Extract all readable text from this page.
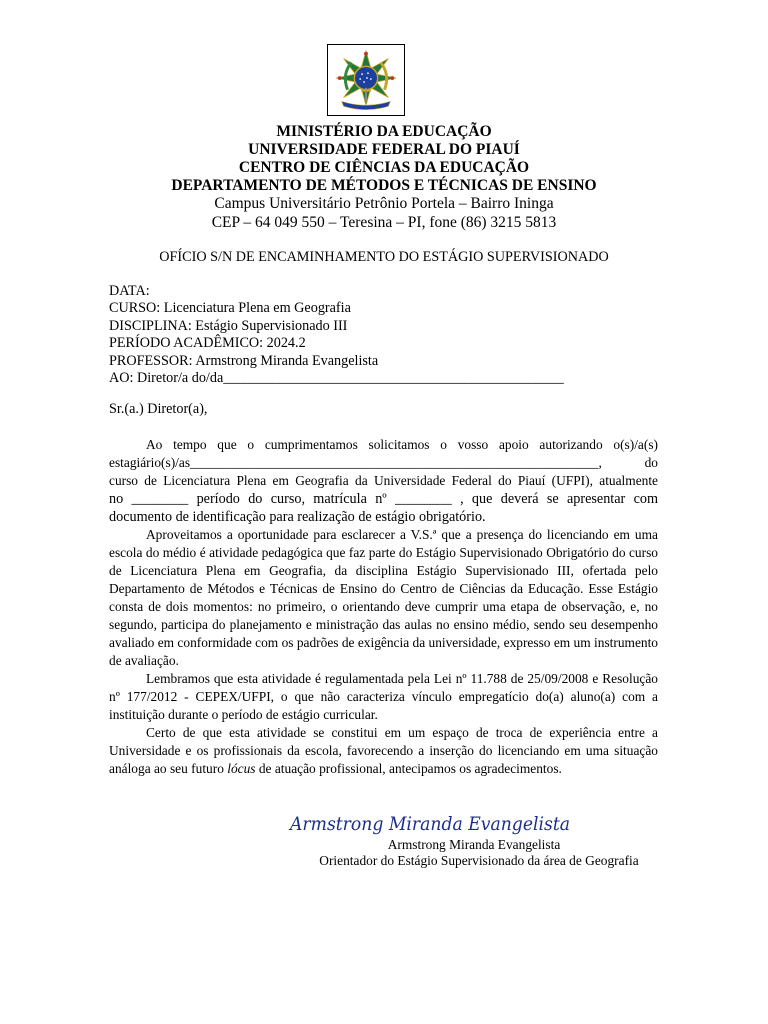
MINISTÉRIO DA EDUCAÇÃO
UNIVERSIDADE FEDERAL DO PIAUÍ
CENTRO DE CIÊNCIAS DA EDUCAÇÃO
DEPARTAMENTO DE MÉTODOS E TÉCNICAS DE ENSINO
Campus Universitário Petrônio Portela – Bairro Ininga
CEP – 64 049 550 – Teresina – PI, fone (86) 3215 5813
OFÍCIO S/N DE ENCAMINHAMENTO DO ESTÁGIO SUPERVISIONADO
DATA:
CURSO: Licenciatura Plena em Geografia
DISCIPLINA: Estágio Supervisionado III
PERÍODO ACADÊMICO: 2024.2
PROFESSOR: Armstrong Miranda Evangelista
AO: Diretor/a do/da________________________________________________
Sr.(a.) Diretor(a),

Ao tempo que o cumprimentamos solicitamos o vosso apoio autorizando o(s)/a(s)
estagiário(s)/as_____________________________________________________________, do
curso de Licenciatura Plena em Geografia da Universidade Federal do Piauí (UFPI), atualmente
no ________ período do curso, matrícula nº ________ , que deverá se apresentar com
documento de identificação para realização de estágio obrigatório.

Aproveitamos a oportunidade para esclarecer a V.S.ª que a presença do licenciando em uma escola do médio é atividade pedagógica que faz parte do Estágio Supervisionado Obrigatório do curso de Licenciatura Plena em Geografia, da disciplina Estágio Supervisionado III, ofertada pelo Departamento de Métodos e Técnicas de Ensino do Centro de Ciências da Educação. Esse Estágio consta de dois momentos: no primeiro, o orientando deve cumprir uma etapa de observação, e, no segundo, participa do planejamento e ministração das aulas no ensino médio, sendo seu desempenho avaliado em conformidade com os padrões de exigência da universidade, expresso em um instrumento de avaliação.

Lembramos que esta atividade é regulamentada pela Lei nº 11.788 de 25/09/2008 e Resolução nº 177/2012 - CEPEX/UFPI, o que não caracteriza vínculo empregatício do(a) aluno(a) com a instituição durante o período de estágio curricular.

Certo de que esta atividade se constitui em um espaço de troca de experiência entre a Universidade e os profissionais da escola, favorecendo a inserção do licenciando em uma situação análoga ao seu futuro lócus de atuação profissional, antecipamos os agradecimentos.

Armstrong Miranda Evangelista
Armstrong Miranda Evangelista
Orientador do Estágio Supervisionado da área de Geografia
